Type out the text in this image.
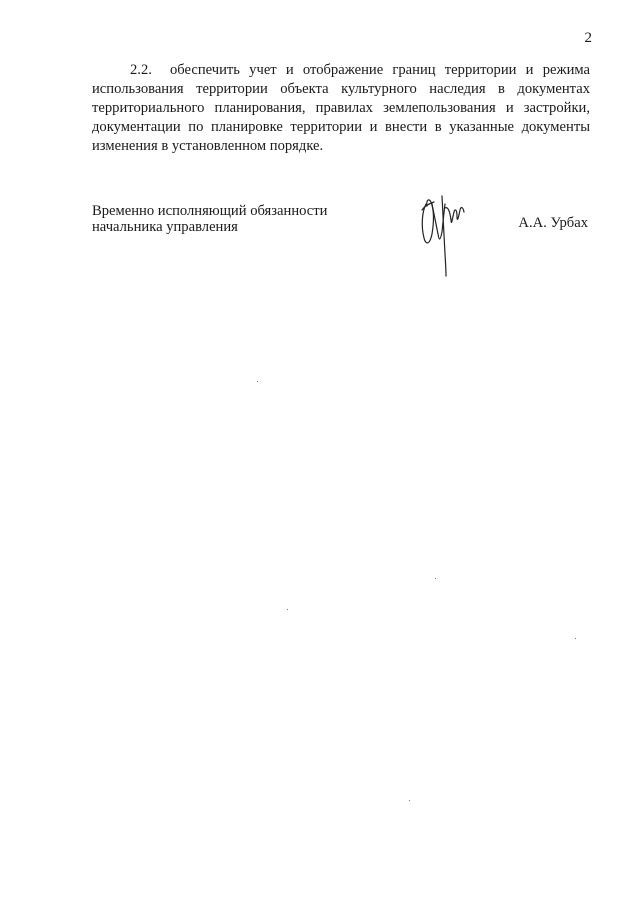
2
2.2. обеспечить учет и отображение границ территории и режима использования территории объекта культурного наследия в документах территориального планирования, правилах землепользования и застройки, документации по планировке территории и внести в указанные документы изменения в установленном порядке.
Временно исполняющий обязанности
начальника управления	А.А. Урбах
